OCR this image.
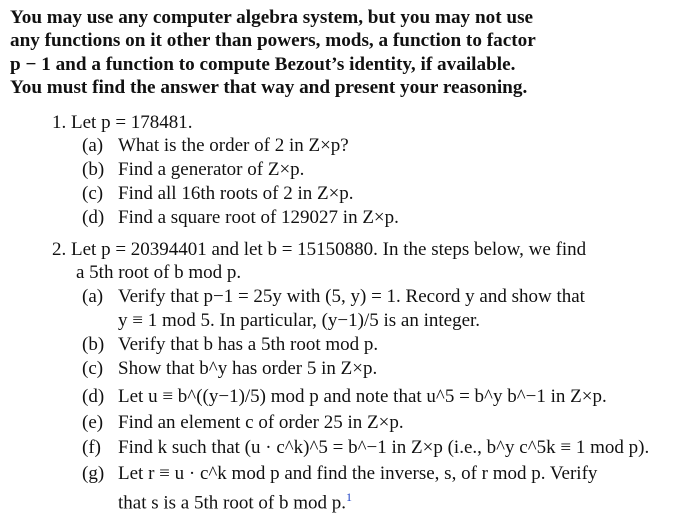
You may use any computer algebra system, but you may not use
any functions on it other than powers, mods, a function to factor
p − 1 and a function to compute Bezout’s identity, if available.
You must find the answer that way and present your reasoning.
1. Let p = 178481.
(a) What is the order of 2 in Z×p?
(b) Find a generator of Z×p.
(c) Find all 16th roots of 2 in Z×p.
(d) Find a square root of 129027 in Z×p.
2. Let p = 20394401 and let b = 15150880. In the steps below, we find
a 5th root of b mod p.
(a) Verify that p−1 = 25y with (5, y) = 1. Record y and show that
y ≡ 1 mod 5. In particular, (y−1)/5 is an integer.
(b) Verify that b has a 5th root mod p.
(c) Show that b^y has order 5 in Z×p.
(d) Let u ≡ b^((y−1)/5) mod p and note that u^5 = b^y b^−1 in Z×p.
(e) Find an element c of order 25 in Z×p.
(f) Find k such that (u · c^k)^5 = b^−1 in Z×p (i.e., b^y c^5k ≡ 1 mod p).
(g) Let r ≡ u · c^k mod p and find the inverse, s, of r mod p. Verify
that s is a 5th root of b mod p.$^1$
